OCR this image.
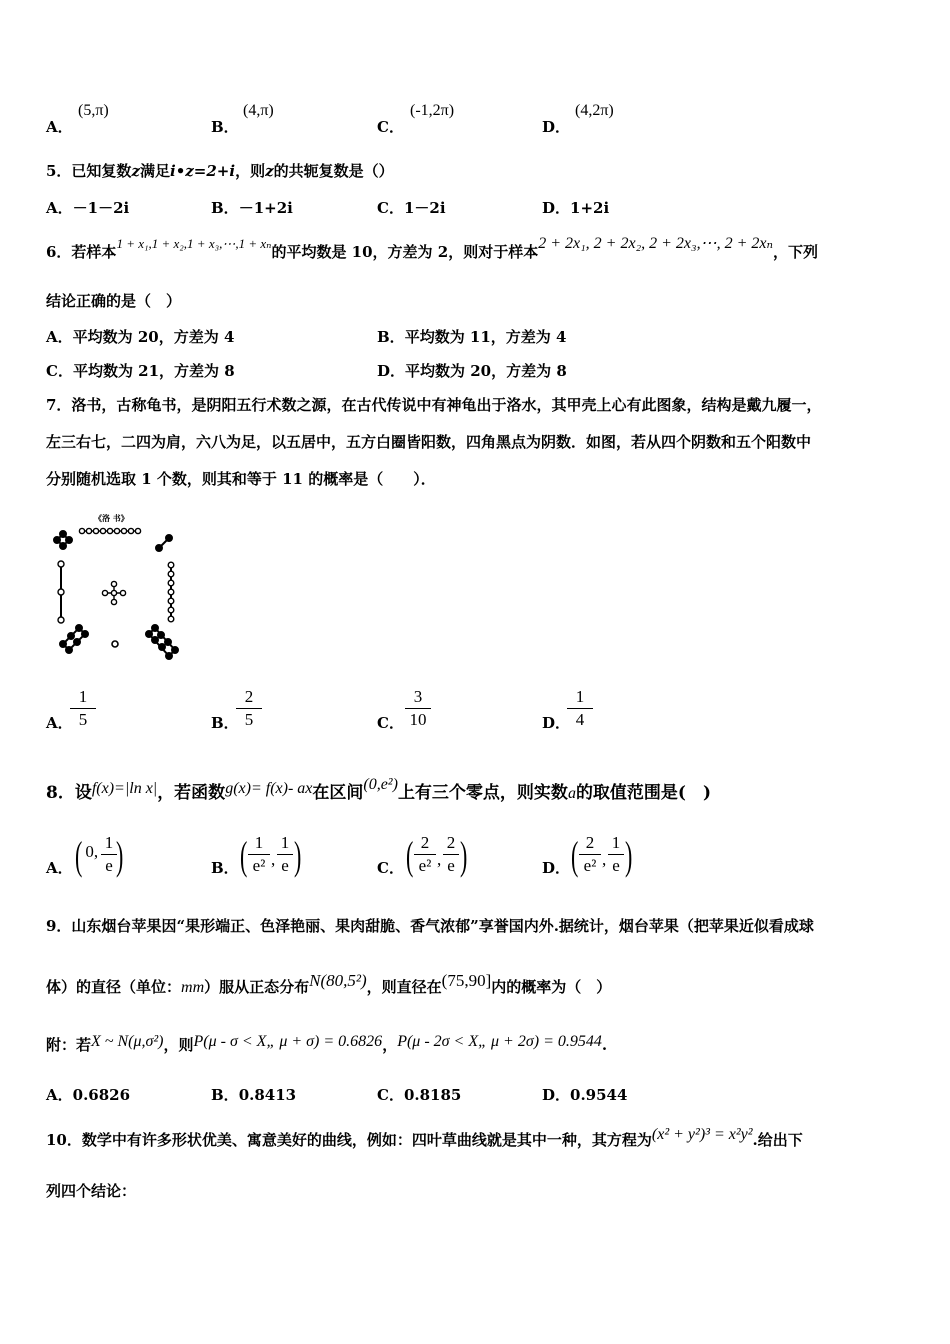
A．
(5,π)
B．
(4,π)
C．
(-1,2π)
D．
(4,2π)
5．已知复数z满足i•z=2+i，则z的共轭复数是（）
A．－1－2i	B．－1+2i	C．1－2i	D．1+2i
6．若样本1 + x₁,1 + x₂,1 + x₃,⋯,1 + xₙ的平均数是 10，方差为 2，则对于样本2 + 2x₁, 2 + 2x₂, 2 + 2x₃,⋯, 2 + 2xₙ，下列
结论正确的是（　）
A．平均数为 20，方差为 4	B．平均数为 11，方差为 4
C．平均数为 21，方差为 8	D．平均数为 20，方差为 8
7．洛书，古称龟书，是阴阳五行术数之源，在古代传说中有神龟出于洛水，其甲壳上心有此图象，结构是戴九履一，
左三右七，二四为肩，六八为足，以五居中，五方白圈皆阳数，四角黑点为阴数．如图，若从四个阴数和五个阳数中
分别随机选取 1 个数，则其和等于 11 的概率是（　　）．
《洛 书》
A．
$\frac{1}{5}$	B．
$\frac{2}{5}$	C． $\frac{3}{10}$	D．
$\frac{1}{4}$
8．设f(x)=|ln x|，若函数g(x)= f(x)- ax在区间(0,e²)上有三个零点，则实数a的取值范围是(　)
A． ( 0, $\frac{1}{e}$
)	B． ( $\frac{1}{\text{e²}}$ , $\frac{1}{e}$ )	C． ( $\frac{2}{\text{e²}}$ , $\frac{2}{e}$ )	D． ( $\frac{2}{\text{e²}}$ , $\frac{1}{e}$ )
9．山东烟台苹果因“果形端正、色泽艳丽、果肉甜脆、香气浓郁”享誉国内外.据统计，烟台苹果（把苹果近似看成球
体）的直径（单位：mm）服从正态分布N(80,5²)，则直径在(75,90]内的概率为（　）
附：若X ~ N(μ,σ²)，则P(μ - σ < X„ μ + σ) = 0.6826，P(μ - 2σ < X„ μ + 2σ) = 0.9544.
A．0.6826	B．0.8413	C．0.8185	D．0.9544
10．数学中有许多形状优美、寓意美好的曲线，例如：四叶草曲线就是其中一种，其方程为(x² + y²)³ = x²y².给出下
列四个结论：
